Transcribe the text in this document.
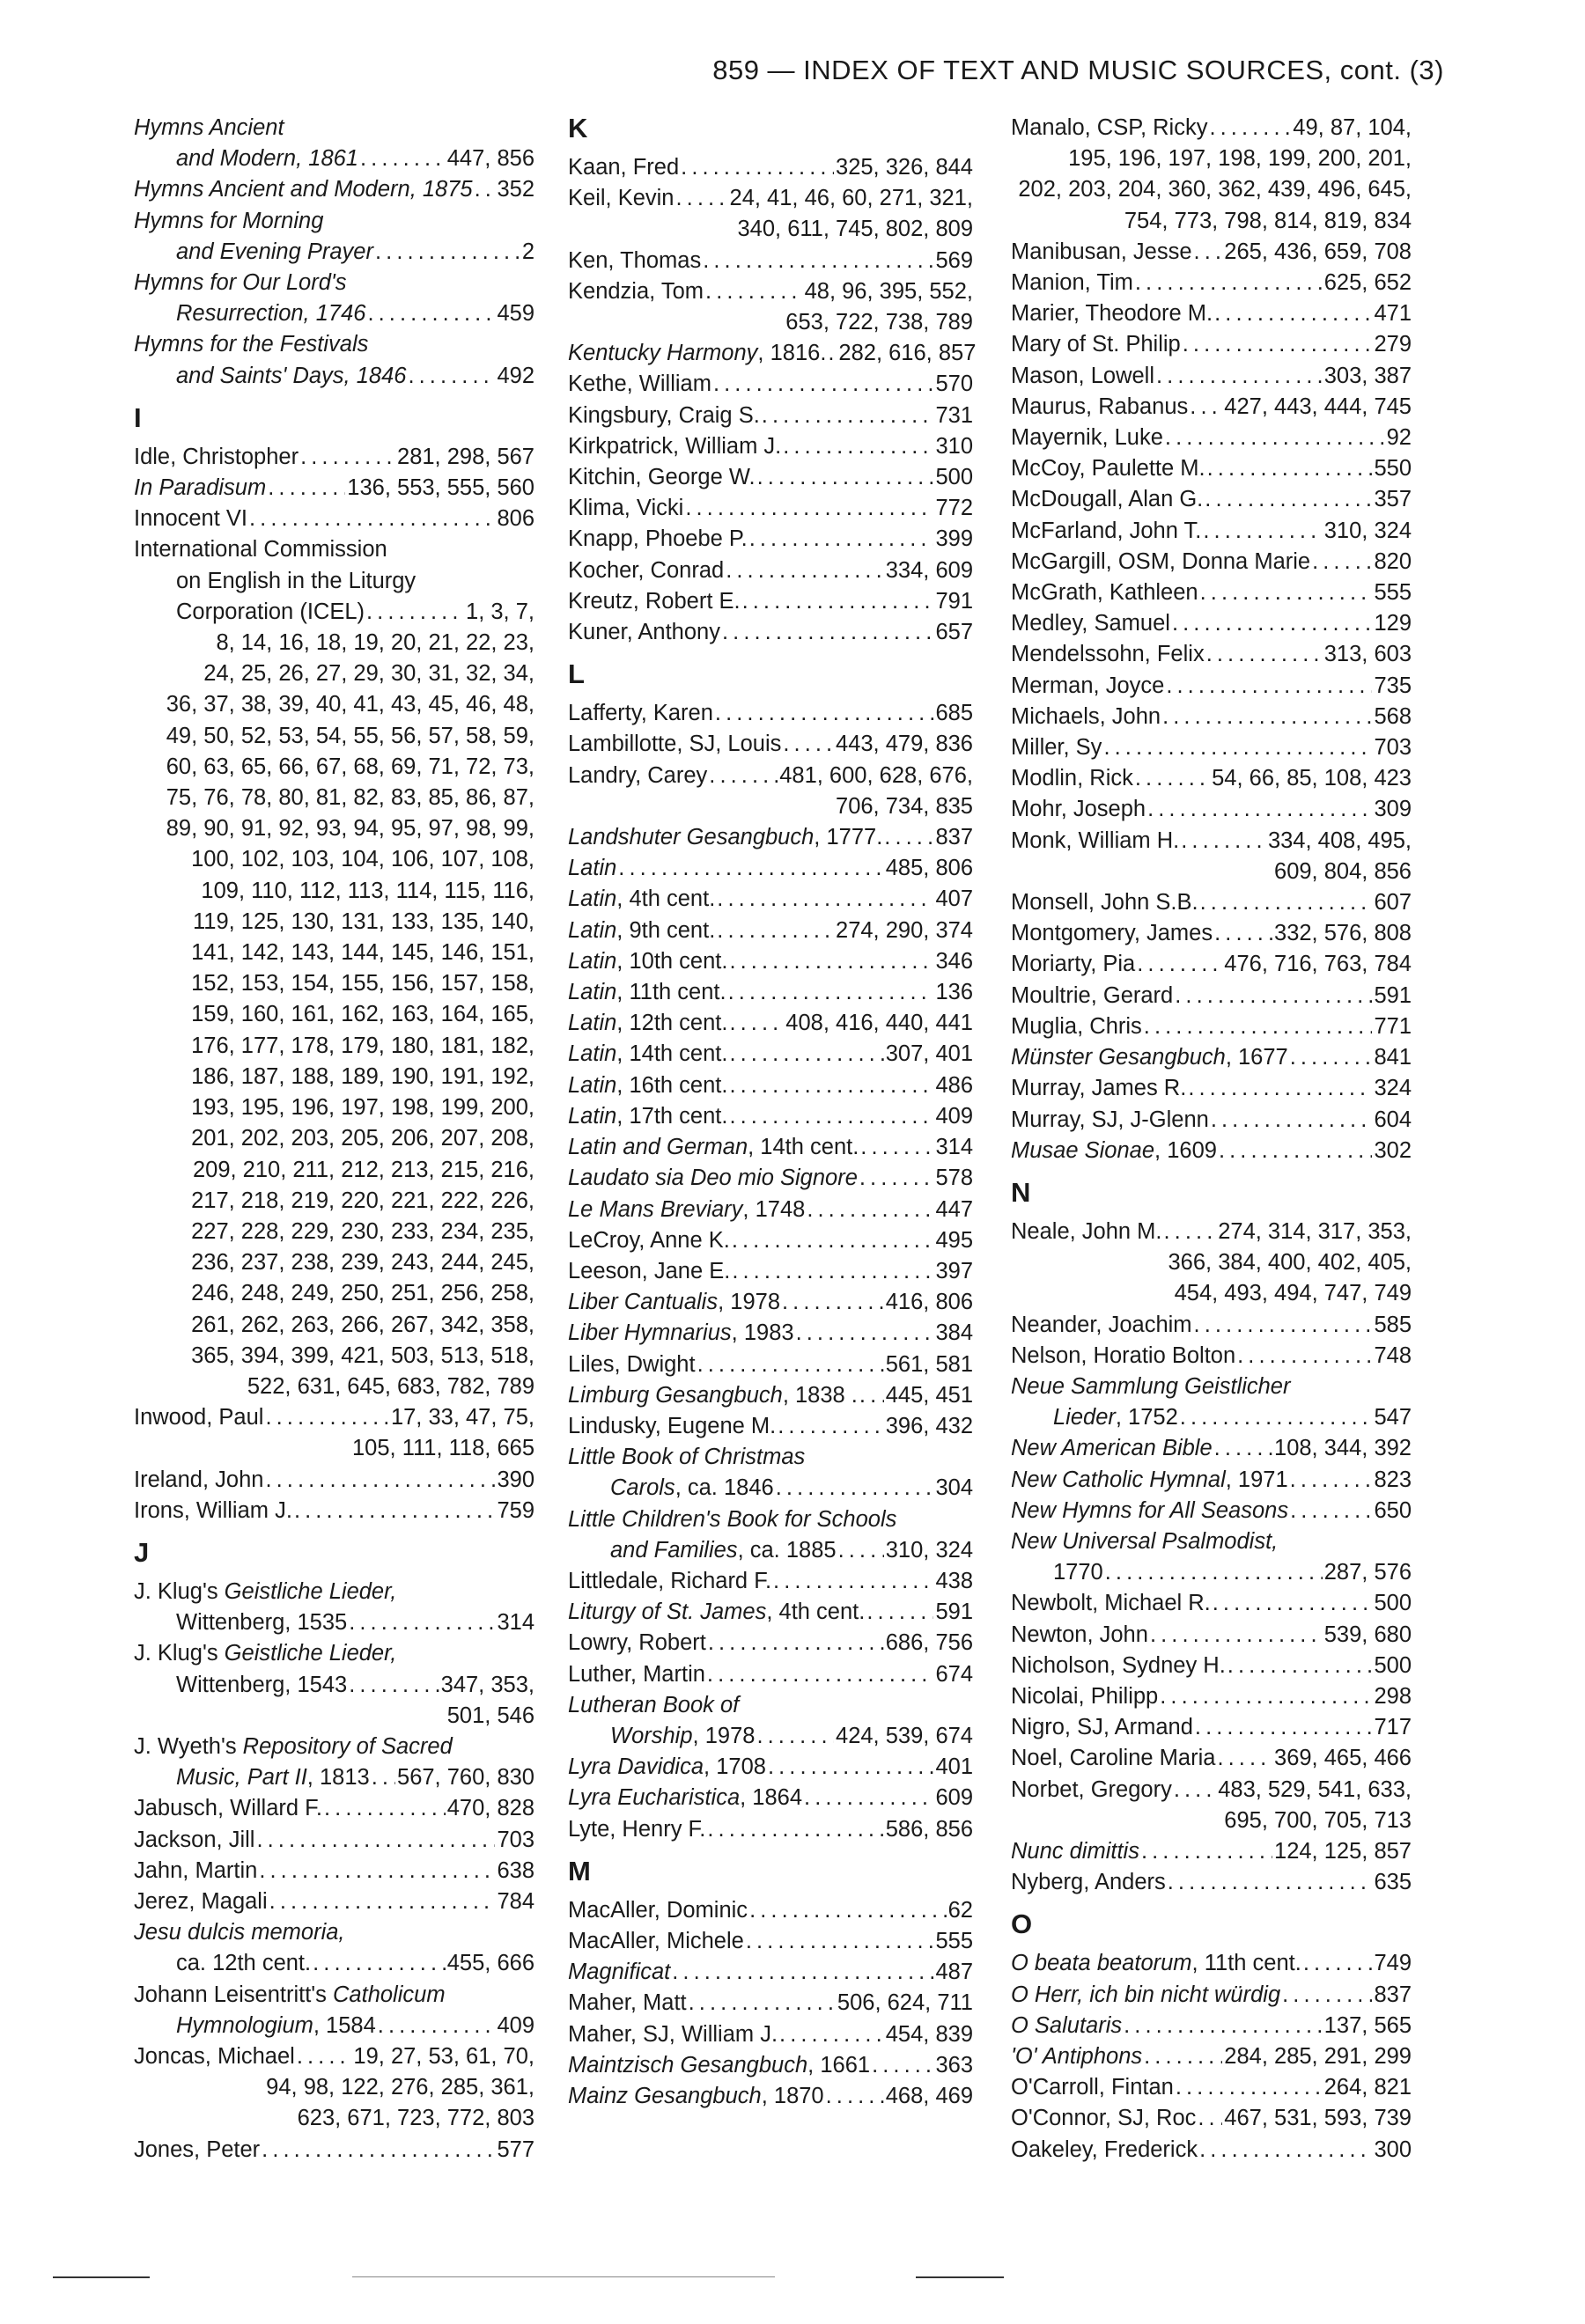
859 — INDEX OF TEXT AND MUSIC SOURCES, cont. (3)
Hymns Ancient
and Modern, 1861 . . .	447, 856
Hymns Ancient and Modern, 1875 . . . 352
Hymns for Morning
and Evening Prayer . . .	2
Hymns for Our Lord's
Resurrection, 1746 . . .	459
Hymns for the Festivals
and Saints' Days, 1846 . . .	492
I
Idle, Christopher . . .	281, 298, 567
In Paradisum . . .	136, 553, 555, 560
Innocent VI . . .	806
International Commission
on English in the Liturgy
Corporation (ICEL) . . .	1, 3, 7,
8, 14, 16, 18, 19, 20, 21, 22, 23,
24, 25, 26, 27, 29, 30, 31, 32, 34,
36, 37, 38, 39, 40, 41, 43, 45, 46, 48,
49, 50, 52, 53, 54, 55, 56, 57, 58, 59,
60, 63, 65, 66, 67, 68, 69, 71, 72, 73,
75, 76, 78, 80, 81, 82, 83, 85, 86, 87,
89, 90, 91, 92, 93, 94, 95, 97, 98, 99,
100, 102, 103, 104, 106, 107, 108,
109, 110, 112, 113, 114, 115, 116,
119, 125, 130, 131, 133, 135, 140,
141, 142, 143, 144, 145, 146, 151,
152, 153, 154, 155, 156, 157, 158,
159, 160, 161, 162, 163, 164, 165,
176, 177, 178, 179, 180, 181, 182,
186, 187, 188, 189, 190, 191, 192,
193, 195, 196, 197, 198, 199, 200,
201, 202, 203, 205, 206, 207, 208,
209, 210, 211, 212, 213, 215, 216,
217, 218, 219, 220, 221, 222, 226,
227, 228, 229, 230, 233, 234, 235,
236, 237, 238, 239, 243, 244, 245,
246, 248, 249, 250, 251, 256, 258,
261, 262, 263, 266, 267, 342, 358,
365, 394, 399, 421, 503, 513, 518,
522, 631, 645, 683, 782, 789
Inwood, Paul . . .	17, 33, 47, 75,
105, 111, 118, 665
Ireland, John . . .	390
Irons, William J. . . .	759
J
J. Klug's Geistliche Lieder,
Wittenberg, 1535 . . .	314
J. Klug's Geistliche Lieder,
Wittenberg, 1543 . . .	347, 353,
501, 546
J. Wyeth's Repository of Sacred
Music, Part II, 1813 . . . 567, 760, 830
Jabusch, Willard F. . . .	470, 828
Jackson, Jill . . .	703
Jahn, Martin . . .	638
Jerez, Magali . . .	784
Jesu dulcis memoria,
ca. 12th cent. . . .	455, 666
Johann Leisentritt's Catholicum
Hymnologium, 1584 . . .	409
Joncas, Michael . . .	19, 27, 53, 61, 70,
94, 98, 122, 276, 285, 361,
623, 671, 723, 772, 803
Jones, Peter . . .	577
K
Kaan, Fred . . .	325, 326, 844
Keil, Kevin . . . 24, 41, 46, 60, 271, 321,
340, 611, 745, 802, 809
Ken, Thomas . . .	569
Kendzia, Tom . . .	48, 96, 395, 552,
653, 722, 738, 789
Kentucky Harmony, 1816. . . . 282, 616, 857
Kethe, William . . .	570
Kingsbury, Craig S. . . .	731
Kirkpatrick, William J. . . .	310
Kitchin, George W. . . .	500
Klima, Vicki . . .	772
Knapp, Phoebe P. . . .	399
Kocher, Conrad . . .	334, 609
Kreutz, Robert E. . . .	791
Kuner, Anthony . . .	657
L
Lafferty, Karen . . .	685
Lambillotte, SJ, Louis . . . 443, 479, 836
Landry, Carey . . .	481, 600, 628, 676,
706, 734, 835
Landshuter Gesangbuch, 1777. . . . 837
Latin . . .	485, 806
Latin, 4th cent. . . .	407
Latin, 9th cent. . . .	274, 290, 374
Latin, 10th cent. . . .	346
Latin, 11th cent. . . .	136
Latin, 12th cent. . . .	408, 416, 440, 441
Latin, 14th cent. . . .	307, 401
Latin, 16th cent. . . .	486
Latin, 17th cent. . . .	409
Latin and German, 14th cent. . . .	314
Laudato sia Deo mio Signore . . .	578
Le Mans Breviary, 1748 . . .	447
LeCroy, Anne K. . . .	495
Leeson, Jane E. . . .	397
Liber Cantualis, 1978 . . .	416, 806
Liber Hymnarius, 1983 . . .	384
Liles, Dwight . . .	561, 581
Limburg Gesangbuch, 1838 . . . . 445, 451
Lindusky, Eugene M. . . .	396, 432
Little Book of Christmas
Carols, ca. 1846 . . .	304
Little Children's Book for Schools
and Families, ca. 1885 . . . 310, 324
Littledale, Richard F. . . .	438
Liturgy of St. James, 4th cent. . . .	591
Lowry, Robert . . .	686, 756
Luther, Martin . . .	674
Lutheran Book of
Worship, 1978 . . .	424, 539, 674
Lyra Davidica, 1708 . . .	401
Lyra Eucharistica, 1864 . . .	609
Lyte, Henry F. . . .	586, 856
M
MacAller, Dominic . . .	62
MacAller, Michele . . .	555
Magnificat . . .	487
Maher, Matt . . .	506, 624, 711
Maher, SJ, William J. . . .	454, 839
Maintzisch Gesangbuch, 1661 . . .	363
Mainz Gesangbuch, 1870 . . .	468, 469
Manalo, CSP, Ricky . . .	49, 87, 104,
195, 196, 197, 198, 199, 200, 201,
202, 203, 204, 360, 362, 439, 496, 645,
754, 773, 798, 814, 819, 834
Manibusan, Jesse . . . 265, 436, 659, 708
Manion, Tim . . .	625, 652
Marier, Theodore M. . . .	471
Mary of St. Philip . . .	279
Mason, Lowell . . .	303, 387
Maurus, Rabanus . . . 427, 443, 444, 745
Mayernik, Luke . . .	92
McCoy, Paulette M. . . .	550
McDougall, Alan G. . . .	357
McFarland, John T. . . .	310, 324
McGargill, OSM, Donna Marie . . .	820
McGrath, Kathleen . . .	555
Medley, Samuel . . .	129
Mendelssohn, Felix . . .	313, 603
Merman, Joyce . . .	735
Michaels, John . . .	568
Miller, Sy . . .	703
Modlin, Rick . . .	54, 66, 85, 108, 423
Mohr, Joseph . . .	309
Monk, William H. . . .	334, 408, 495,
609, 804, 856
Monsell, John S.B. . . .	607
Montgomery, James . . .	332, 576, 808
Moriarty, Pia . . .	476, 716, 763, 784
Moultrie, Gerard . . .	591
Muglia, Chris . . .	771
Münster Gesangbuch, 1677 . . .	841
Murray, James R. . . .	324
Murray, SJ, J-Glenn . . .	604
Musae Sionae, 1609 . . .	302
N
Neale, John M. . . . 274, 314, 317, 353,
366, 384, 400, 402, 405,
454, 493, 494, 747, 749
Neander, Joachim . . .	585
Nelson, Horatio Bolton . . .	748
Neue Sammlung Geistlicher
Lieder, 1752 . . .	547
New American Bible . . .	108, 344, 392
New Catholic Hymnal, 1971 . . .	823
New Hymns for All Seasons . . .	650
New Universal Psalmodist,
1770 . . .	287, 576
Newbolt, Michael R. . . .	500
Newton, John . . .	539, 680
Nicholson, Sydney H. . . .	500
Nicolai, Philipp . . .	298
Nigro, SJ, Armand . . .	717
Noel, Caroline Maria . . .	369, 465, 466
Norbet, Gregory . . . 483, 529, 541, 633,
695, 700, 705, 713
Nunc dimittis . . .	124, 125, 857
Nyberg, Anders . . .	635
O
O beata beatorum, 11th cent. . . .	749
O Herr, ich bin nicht würdig . . .	837
O Salutaris . . .	137, 565
'O' Antiphons . . .	284, 285, 291, 299
O'Carroll, Fintan . . .	264, 821
O'Connor, SJ, Roc . . . 467, 531, 593, 739
Oakeley, Frederick . . .	300
